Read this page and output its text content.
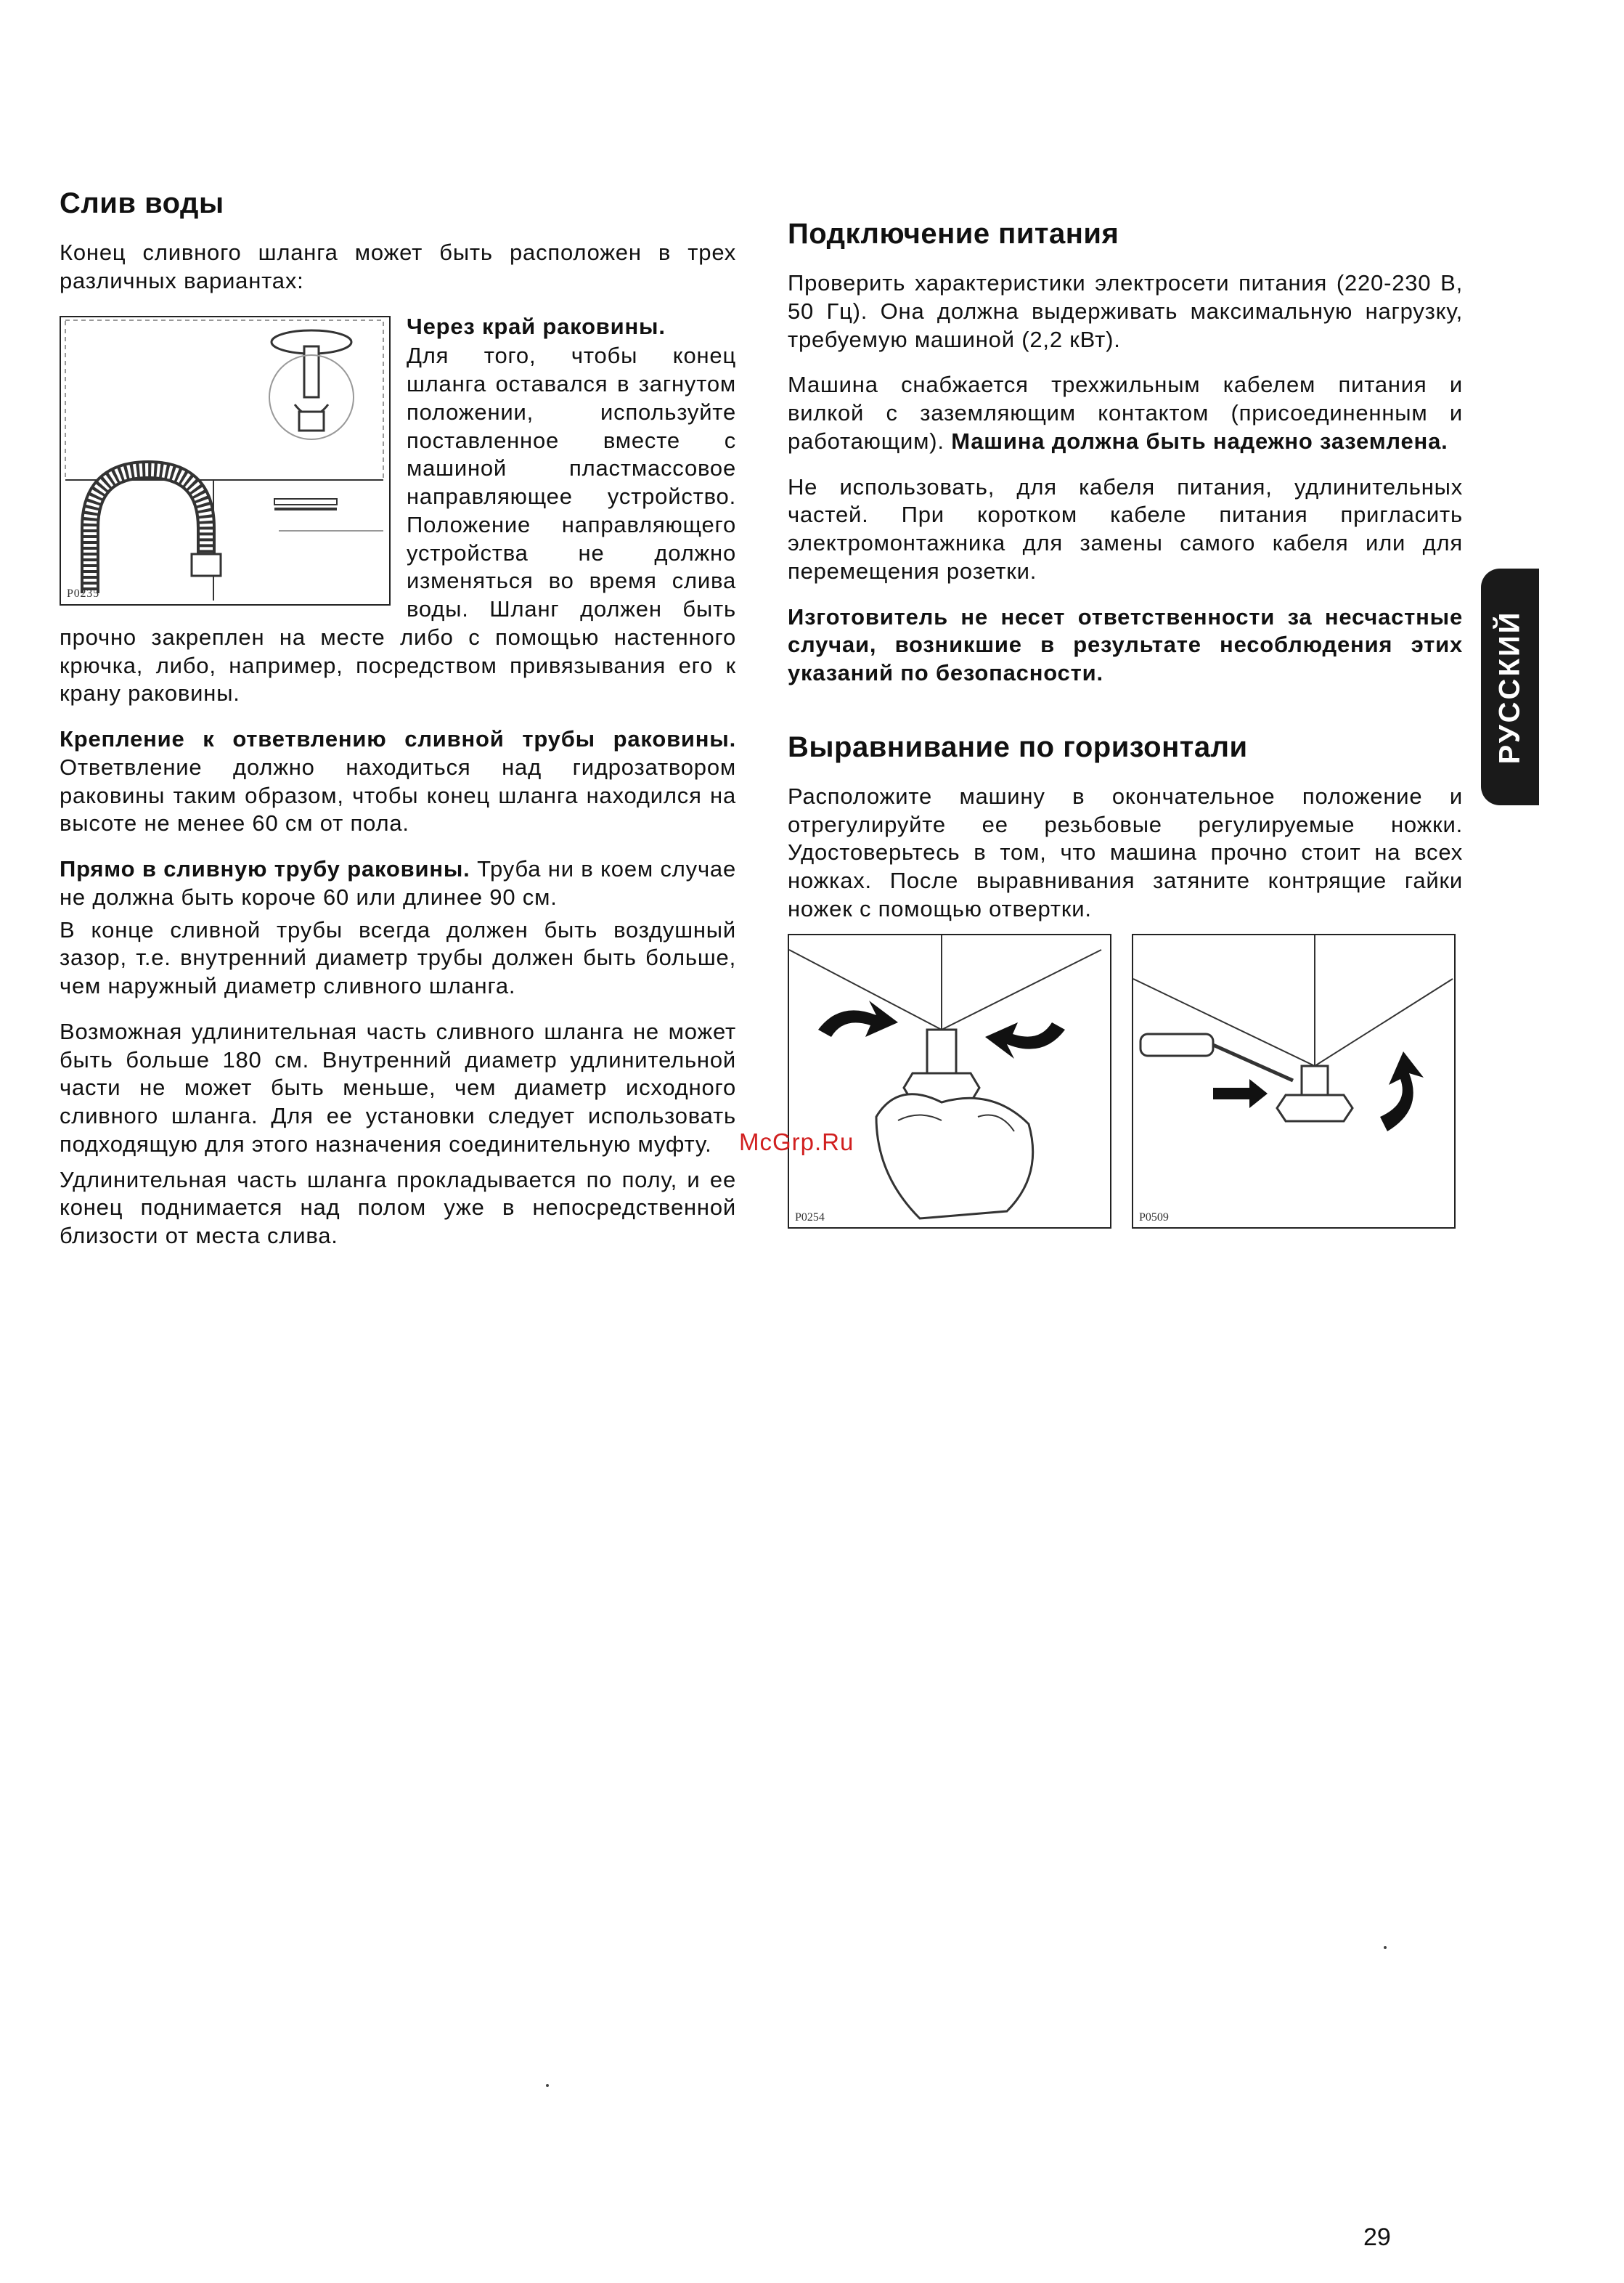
Слив воды

Конец сливного шланга может быть расположен в трех различных вариантах:

P0235
Через край раковины.
Для того, чтобы конец шланга оставался в загнутом положении, используйте поставленное вместе с машиной пластмассовое направляющее устройство. Положение направляющего устройства не должно изменяться во время слива воды. Шланг должен быть прочно закреплен на месте либо с помощью настенного крючка, либо, например, посредством привязывания его к крану раковины.

Крепление к ответвлению сливной трубы раковины. Ответвление должно находиться над гидрозатвором раковины таким образом, чтобы конец шланга находился на высоте не менее 60 см от пола.

Прямо в сливную трубу раковины. Труба ни в коем случае не должна быть короче 60 или длинее 90 см.

В конце сливной трубы всегда должен быть воздушный зазор, т.е. внутренний диаметр трубы должен быть больше, чем наружный диаметр сливного шланга.

Возможная удлинительная часть сливного шланга не может быть больше 180 см. Внутренний диаметр удлинительной части не может быть меньше, чем диаметр исходного сливного шланга. Для ее установки следует использовать подходящую для этого назначения соединительную муфту.

Удлинительная часть шланга прокладывается по полу, и ее конец поднимается над полом уже в непосредственной близости от места слива.

Подключение питания

Проверить характеристики электросети питания (220-230 В, 50 Гц). Она должна выдерживать максимальную нагрузку, требуемую машиной (2,2 кВт).

Машина снабжается трехжильным кабелем питания и вилкой с заземляющим контактом (присоединенным и работающим). Машина должна быть надежно заземлена.

Не использовать, для кабеля питания, удлинительных частей. При коротком кабеле питания пригласить электромонтажника для замены самого кабеля или для перемещения розетки.

Изготовитель не несет ответственности за несчастные случаи, возникшие в результате несоблюдения этих указаний по безопасности.

Выравнивание по горизонтали

Расположите машину в окончательное положение и отрегулируйте ее резьбовые регулируемые ножки. Удостоверьтесь в том, что машина прочно стоит на всех ножках. После выравнивания затяните контрящие гайки ножек с помощью отвертки.

P0254	P0509
РУССКИЙ
McGrp.Ru
29
